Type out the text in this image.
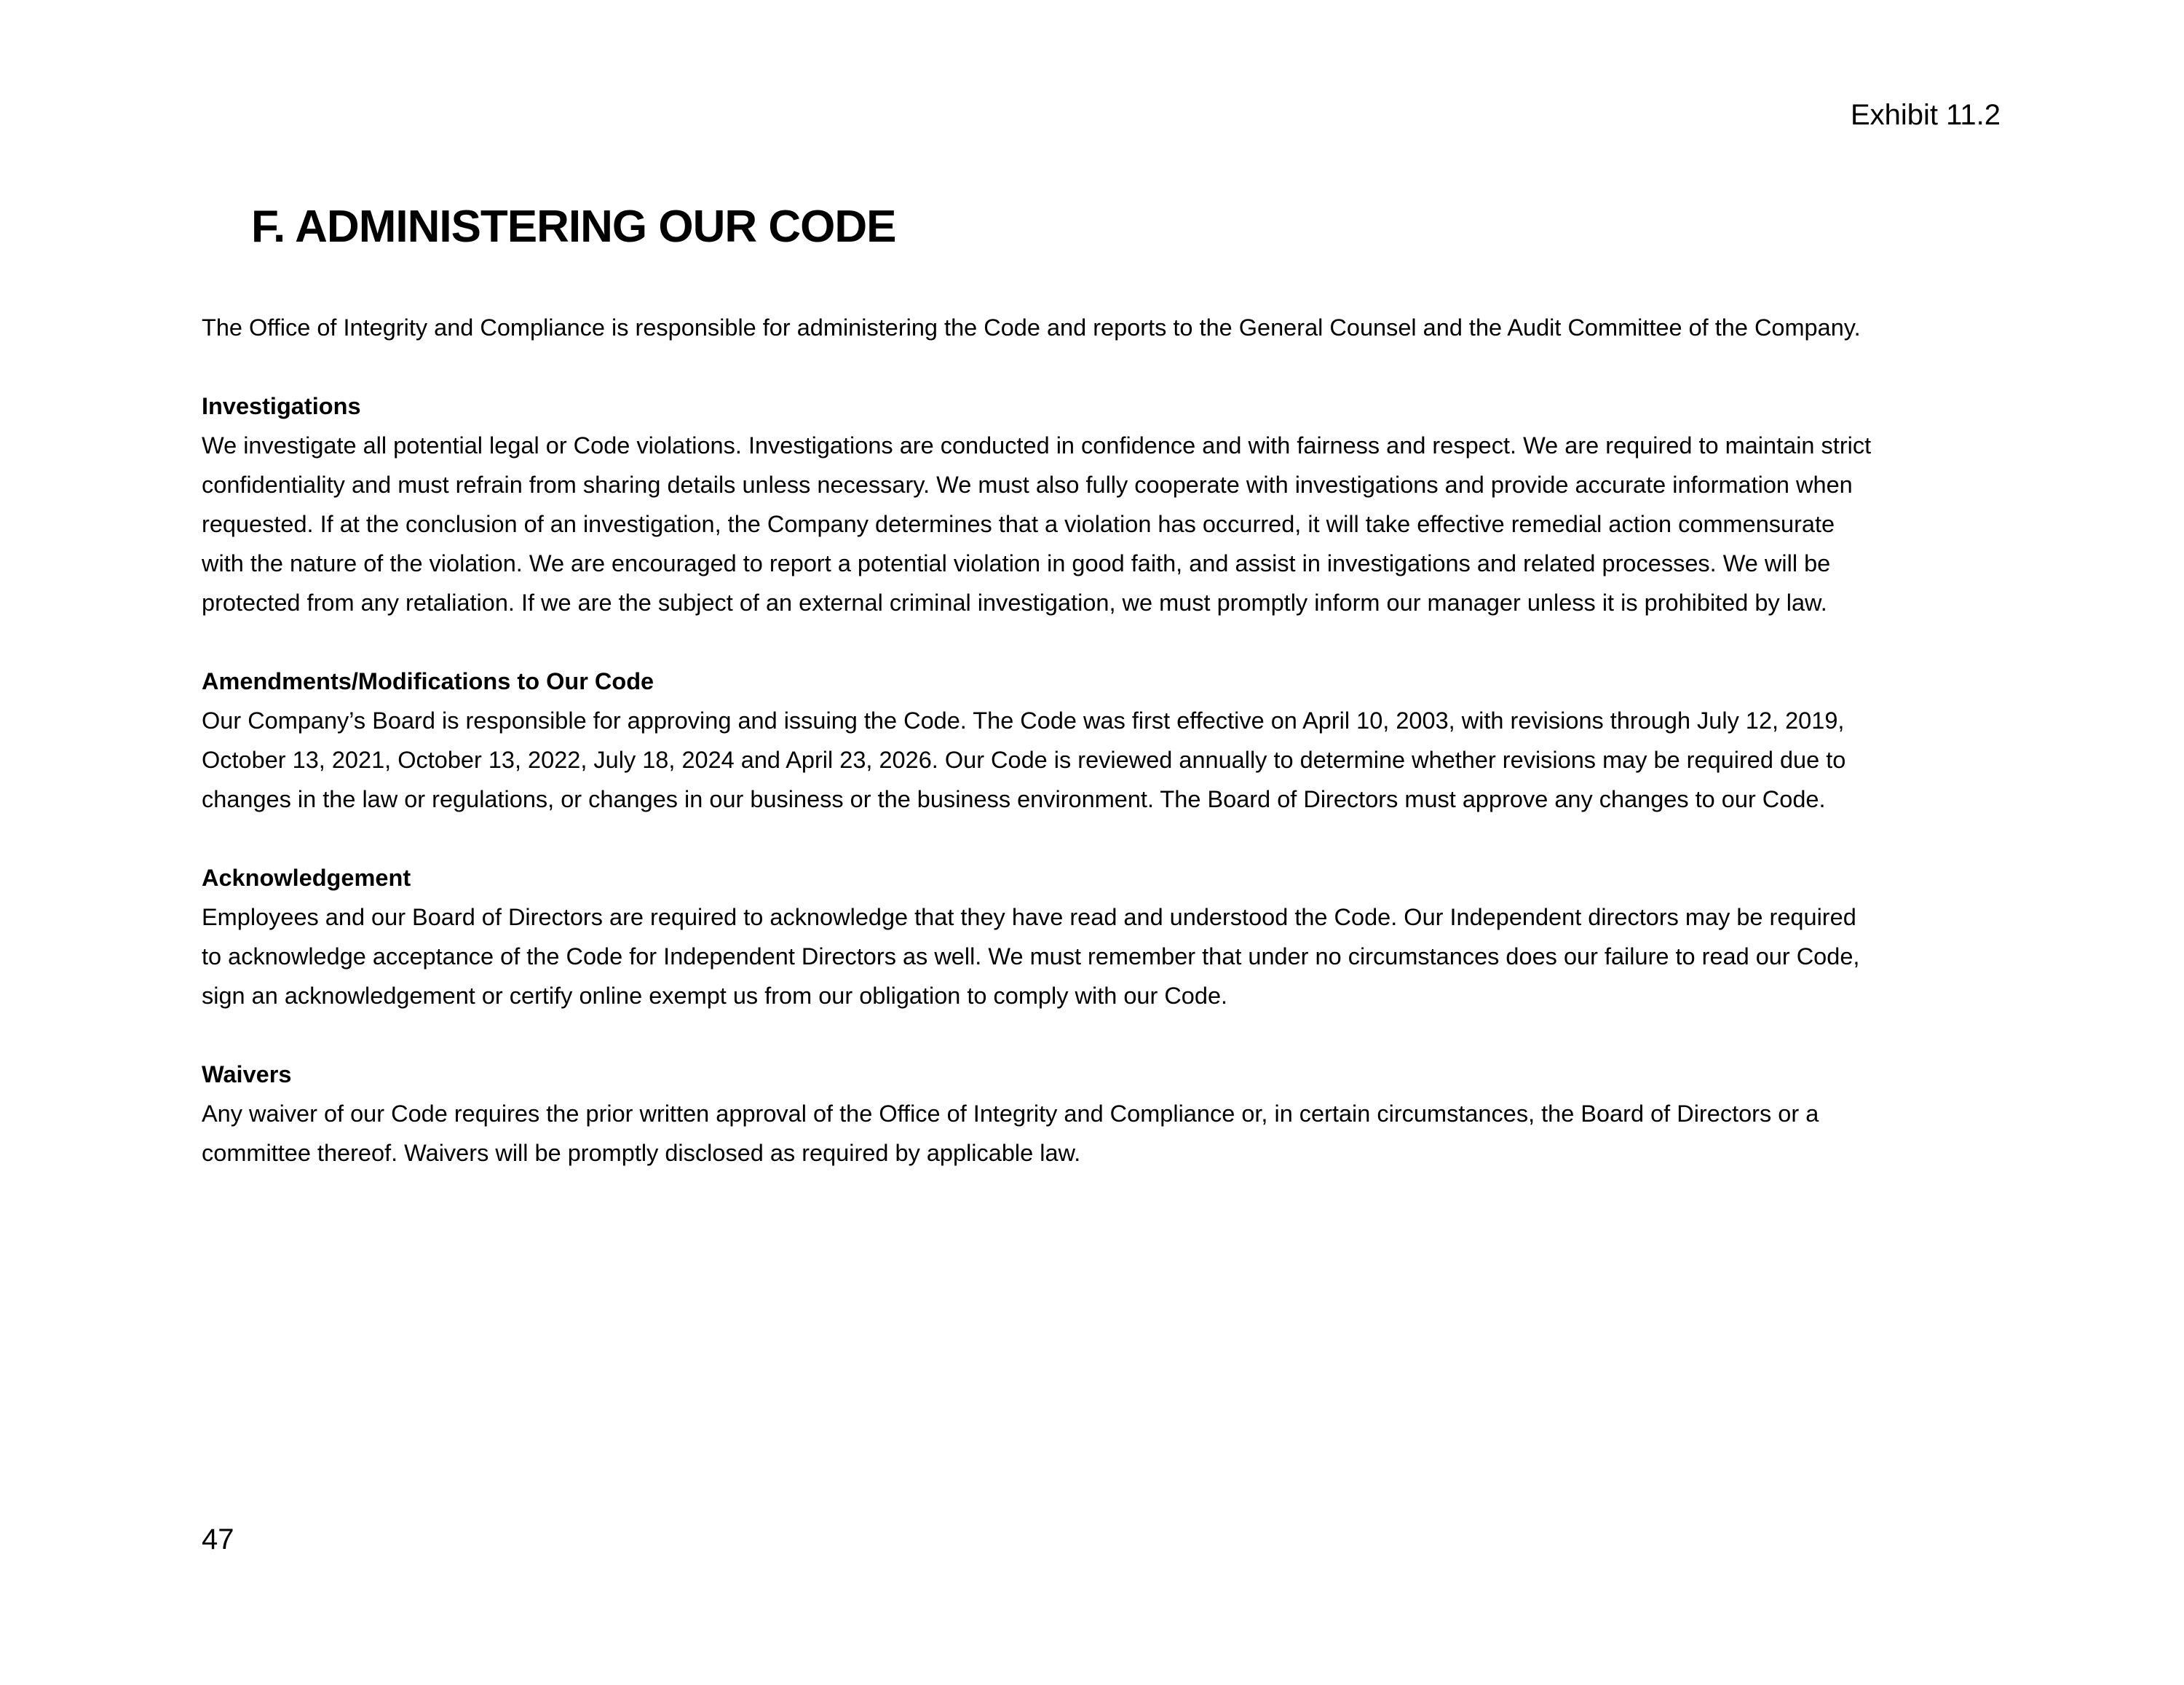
Exhibit 11.2
F. ADMINISTERING OUR CODE

The Office of Integrity and Compliance is responsible for administering the Code and reports to the General Counsel and the Audit Committee of the Company.

Investigations

We investigate all potential legal or Code violations. Investigations are conducted in confidence and with fairness and respect. We are required to maintain strict
confidentiality and must refrain from sharing details unless necessary. We must also fully cooperate with investigations and provide accurate information when
requested. If at the conclusion of an investigation, the Company determines that a violation has occurred, it will take effective remedial action commensurate
with the nature of the violation. We are encouraged to report a potential violation in good faith, and assist in investigations and related processes. We will be
protected from any retaliation. If we are the subject of an external criminal investigation, we must promptly inform our manager unless it is prohibited by law.

Amendments/Modifications to Our Code

Our Company’s Board is responsible for approving and issuing the Code. The Code was first effective on April 10, 2003, with revisions through July 12, 2019,
October 13, 2021, October 13, 2022, July 18, 2024 and April 23, 2026. Our Code is reviewed annually to determine whether revisions may be required due to
changes in the law or regulations, or changes in our business or the business environment. The Board of Directors must approve any changes to our Code.

Acknowledgement

Employees and our Board of Directors are required to acknowledge that they have read and understood the Code. Our Independent directors may be required
to acknowledge acceptance of the Code for Independent Directors as well. We must remember that under no circumstances does our failure to read our Code,
sign an acknowledgement or certify online exempt us from our obligation to comply with our Code.

Waivers

Any waiver of our Code requires the prior written approval of the Office of Integrity and Compliance or, in certain circumstances, the Board of Directors or a
committee thereof. Waivers will be promptly disclosed as required by applicable law.

47
